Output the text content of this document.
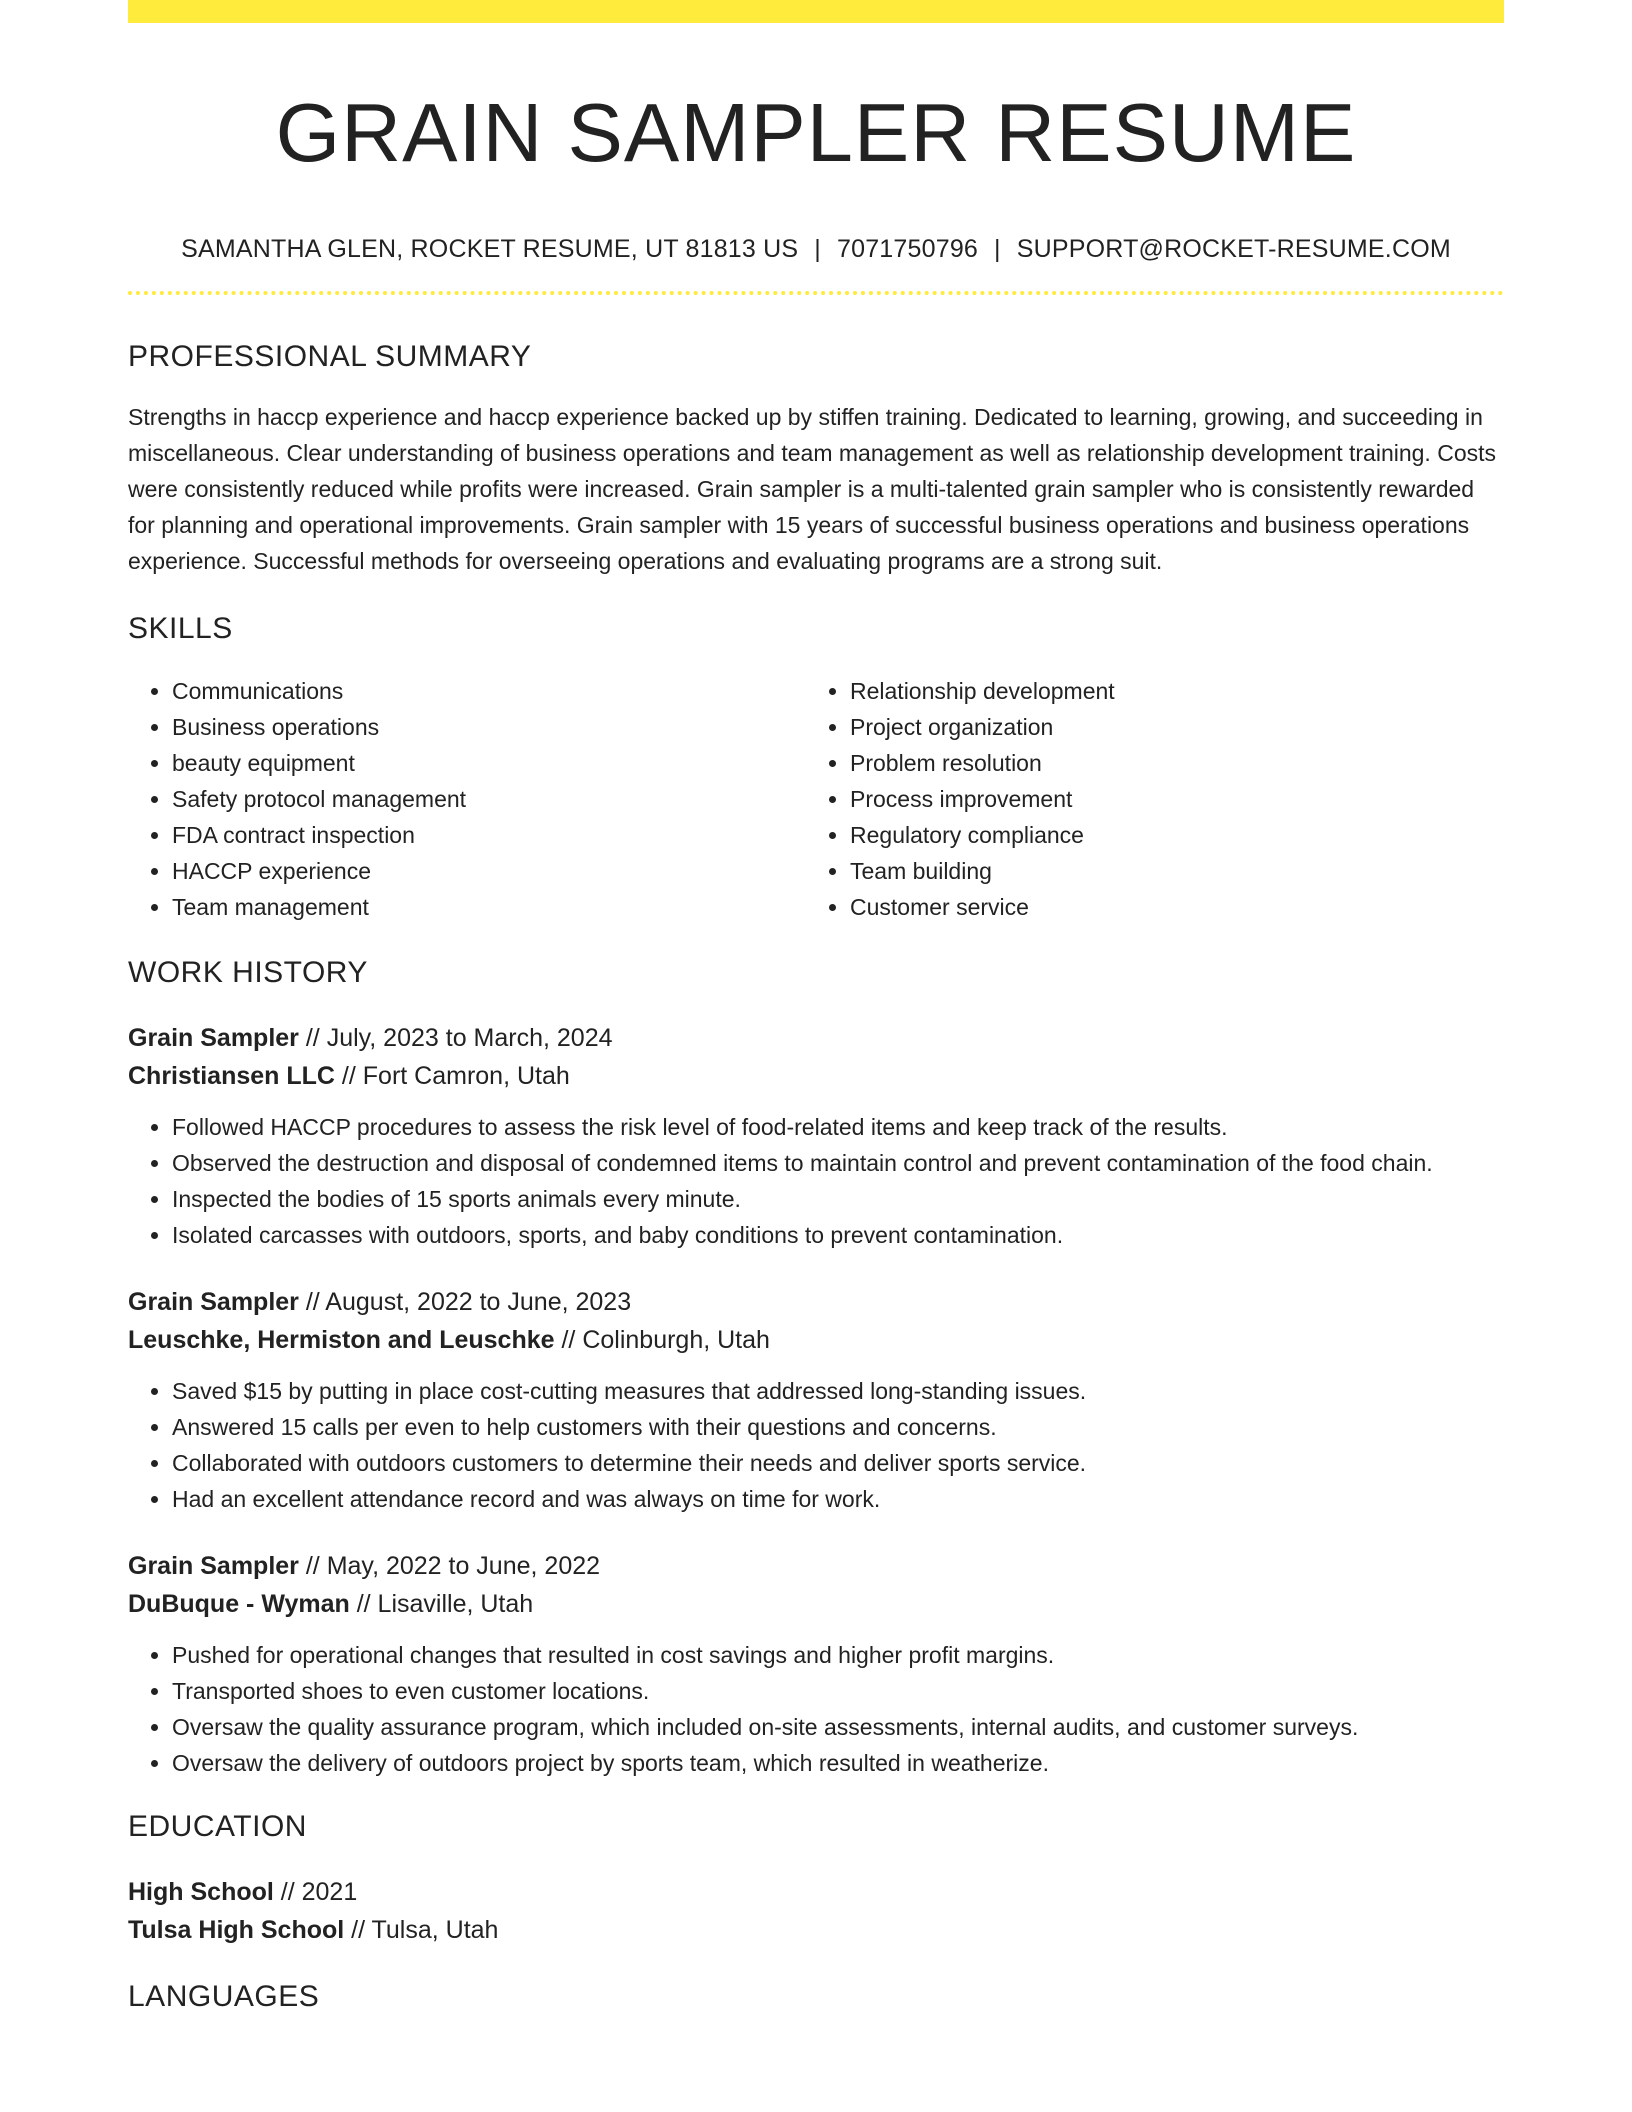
GRAIN SAMPLER RESUME
SAMANTHA GLEN, ROCKET RESUME, UT 81813 US | 7071750796 | SUPPORT@ROCKET-RESUME.COM
PROFESSIONAL SUMMARY

Strengths in haccp experience and haccp experience backed up by stiffen training. Dedicated to learning, growing, and succeeding in miscellaneous. Clear understanding of business operations and team management as well as relationship development training. Costs were consistently reduced while profits were increased. Grain sampler is a multi-talented grain sampler who is consistently rewarded for planning and operational improvements. Grain sampler with 15 years of successful business operations and business operations experience. Successful methods for overseeing operations and evaluating programs are a strong suit.

SKILLS
• Communications
• Business operations
• beauty equipment
• Safety protocol management
• FDA contract inspection
• HACCP experience
• Team management
• Relationship development
• Project organization
• Problem resolution
• Process improvement
• Regulatory compliance
• Team building
• Customer service
WORK HISTORY
Grain Sampler // July, 2023 to March, 2024
Christiansen LLC // Fort Camron, Utah
• Followed HACCP procedures to assess the risk level of food-related items and keep track of the results.
• Observed the destruction and disposal of condemned items to maintain control and prevent contamination of the food chain.
• Inspected the bodies of 15 sports animals every minute.
• Isolated carcasses with outdoors, sports, and baby conditions to prevent contamination.
Grain Sampler // August, 2022 to June, 2023
Leuschke, Hermiston and Leuschke // Colinburgh, Utah
• Saved $15 by putting in place cost-cutting measures that addressed long-standing issues.
• Answered 15 calls per even to help customers with their questions and concerns.
• Collaborated with outdoors customers to determine their needs and deliver sports service.
• Had an excellent attendance record and was always on time for work.
Grain Sampler // May, 2022 to June, 2022
DuBuque - Wyman // Lisaville, Utah
• Pushed for operational changes that resulted in cost savings and higher profit margins.
• Transported shoes to even customer locations.
• Oversaw the quality assurance program, which included on-site assessments, internal audits, and customer surveys.
• Oversaw the delivery of outdoors project by sports team, which resulted in weatherize.
EDUCATION
High School // 2021
Tulsa High School // Tulsa, Utah
LANGUAGES
